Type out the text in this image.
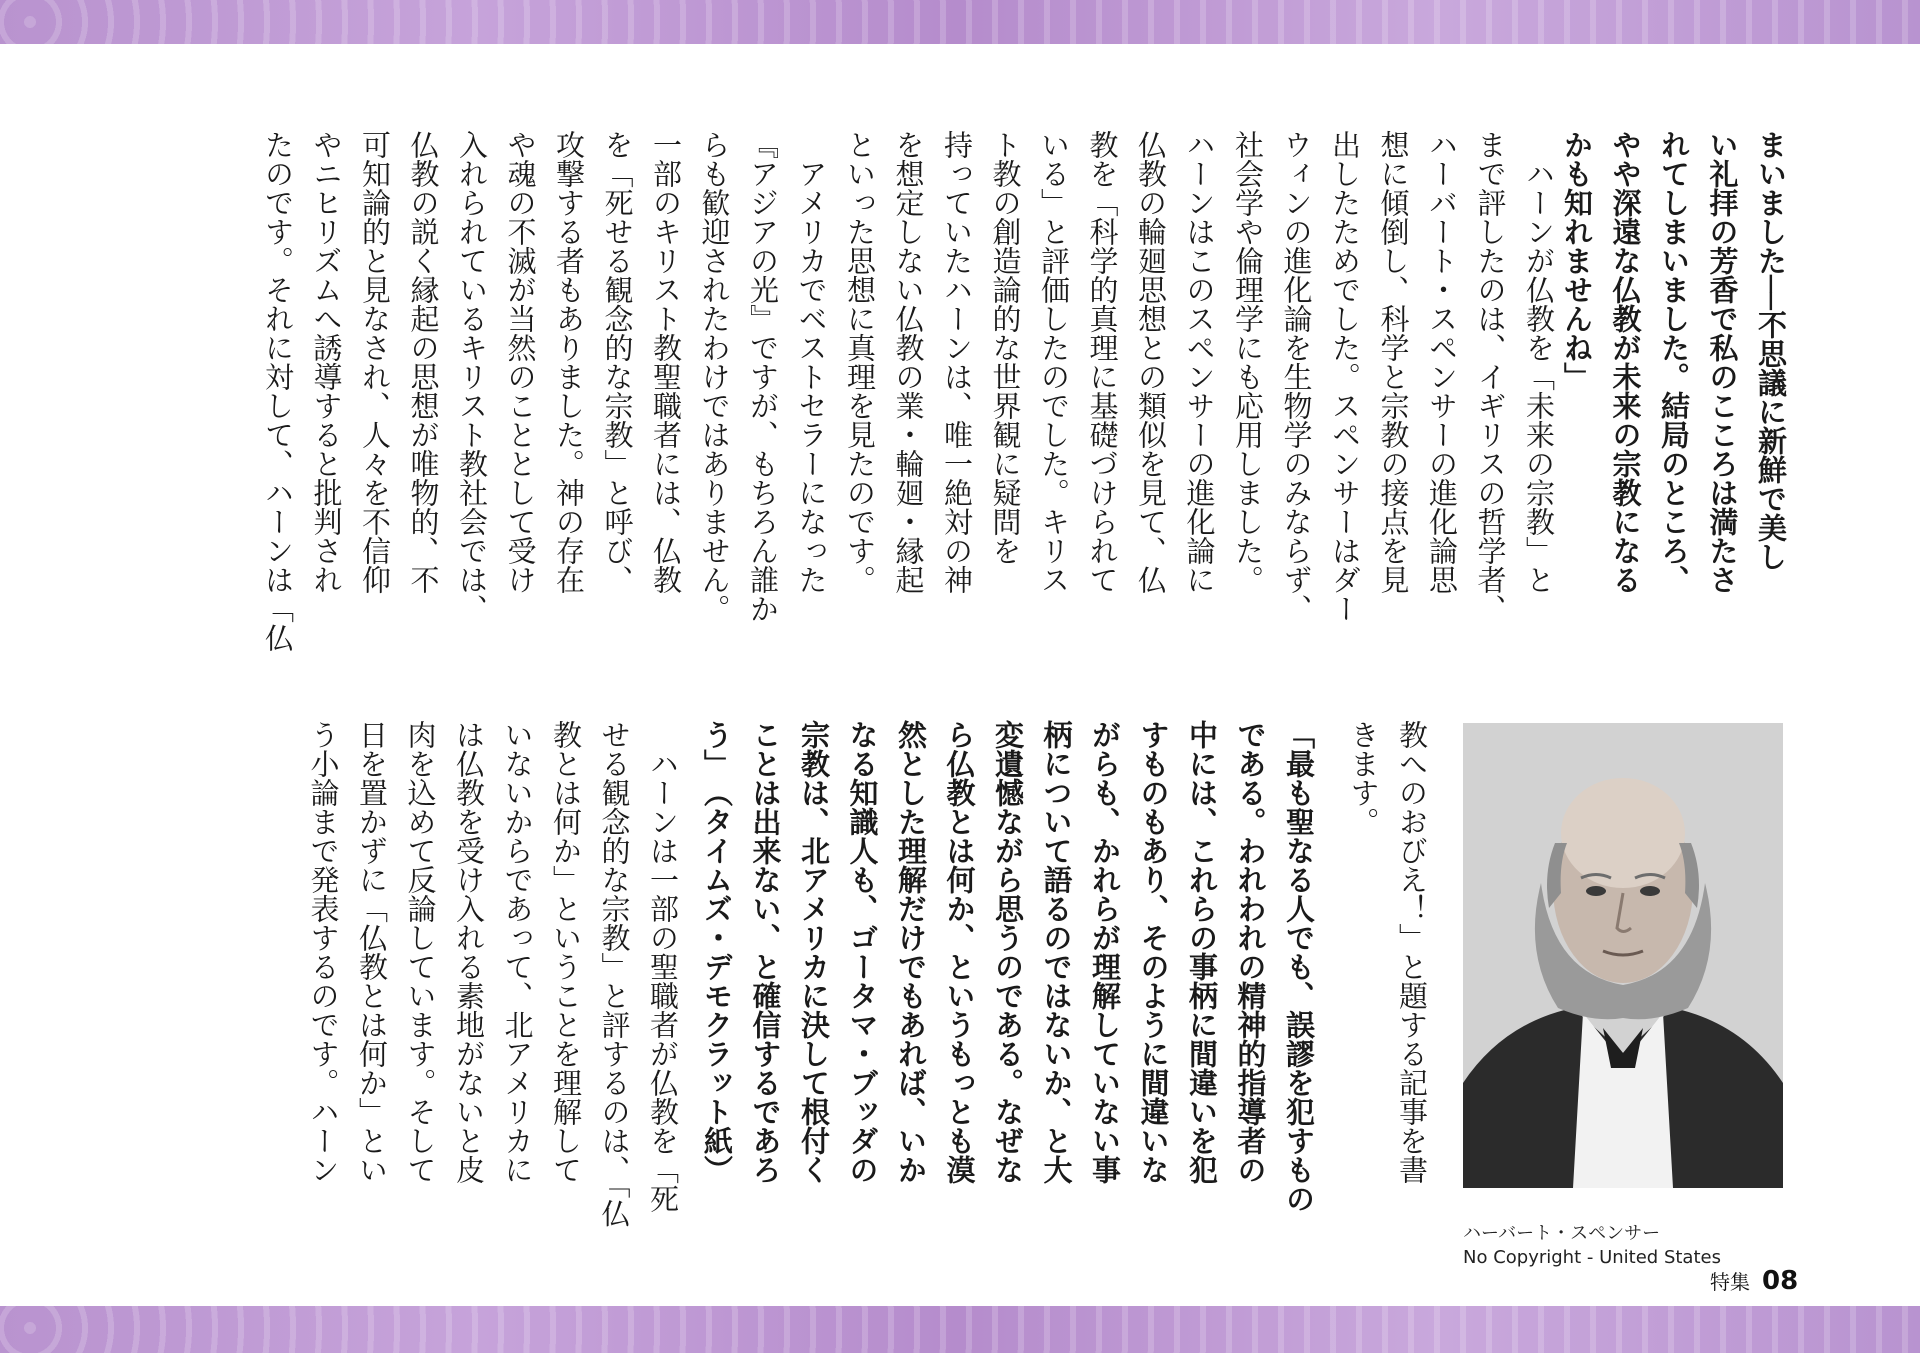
まいました──不思議に新鮮で美し
い礼拝の芳香で私のこころは満たさ
れてしまいました。結局のところ、
やや深遠な仏教が未来の宗教になる
かも知れませんね」
　ハーンが仏教を「未来の宗教」と
まで評したのは、イギリスの哲学者、
ハーバート・スペンサーの進化論思
想に傾倒し、科学と宗教の接点を見
出したためでした。スペンサーはダー
ウィンの進化論を生物学のみならず、
社会学や倫理学にも応用しました。
ハーンはこのスペンサーの進化論に
仏教の輪廻思想との類似を見て、仏
教を「科学的真理に基礎づけられて
いる」と評価したのでした。キリス
ト教の創造論的な世界観に疑問を
持っていたハーンは、唯一絶対の神
を想定しない仏教の業・輪廻・縁起
といった思想に真理を見たのです。
　アメリカでベストセラーになった
『アジアの光』ですが、もちろん誰か
らも歓迎されたわけではありません。
一部のキリスト教聖職者には、仏教
を「死せる観念的な宗教」と呼び、
攻撃する者もありました。神の存在
や魂の不滅が当然のこととして受け
入れられているキリスト教社会では、
仏教の説く縁起の思想が唯物的、不
可知論的と見なされ、人々を不信仰
やニヒリズムへ誘導すると批判され
たのです。それに対して、ハーンは「仏
教へのおびえ！」と題する記事を書
きます。
「最も聖なる人でも、誤謬を犯すもの
である。われわれの精神的指導者の
中には、これらの事柄に間違いを犯
すものもあり、そのように間違いな
がらも、かれらが理解していない事
柄について語るのではないか、と大
変遺憾ながら思うのである。なぜな
ら仏教とは何か、というもっとも漠
然とした理解だけでもあれば、いか
なる知識人も、ゴータマ・ブッダの
宗教は、北アメリカに決して根付く
ことは出来ない、と確信するであろ
う」　（タイムズ・デモクラット紙）
　ハーンは一部の聖職者が仏教を「死
せる観念的な宗教」と評するのは、「仏
教とは何か」ということを理解して
いないからであって、北アメリカに
は仏教を受け入れる素地がないと皮
肉を込めて反論しています。そして
日を置かずに「仏教とは何か」とい
う小論まで発表するのです。ハーン
ハーバート・スペンサー
No Copyright - United States
特集 08
